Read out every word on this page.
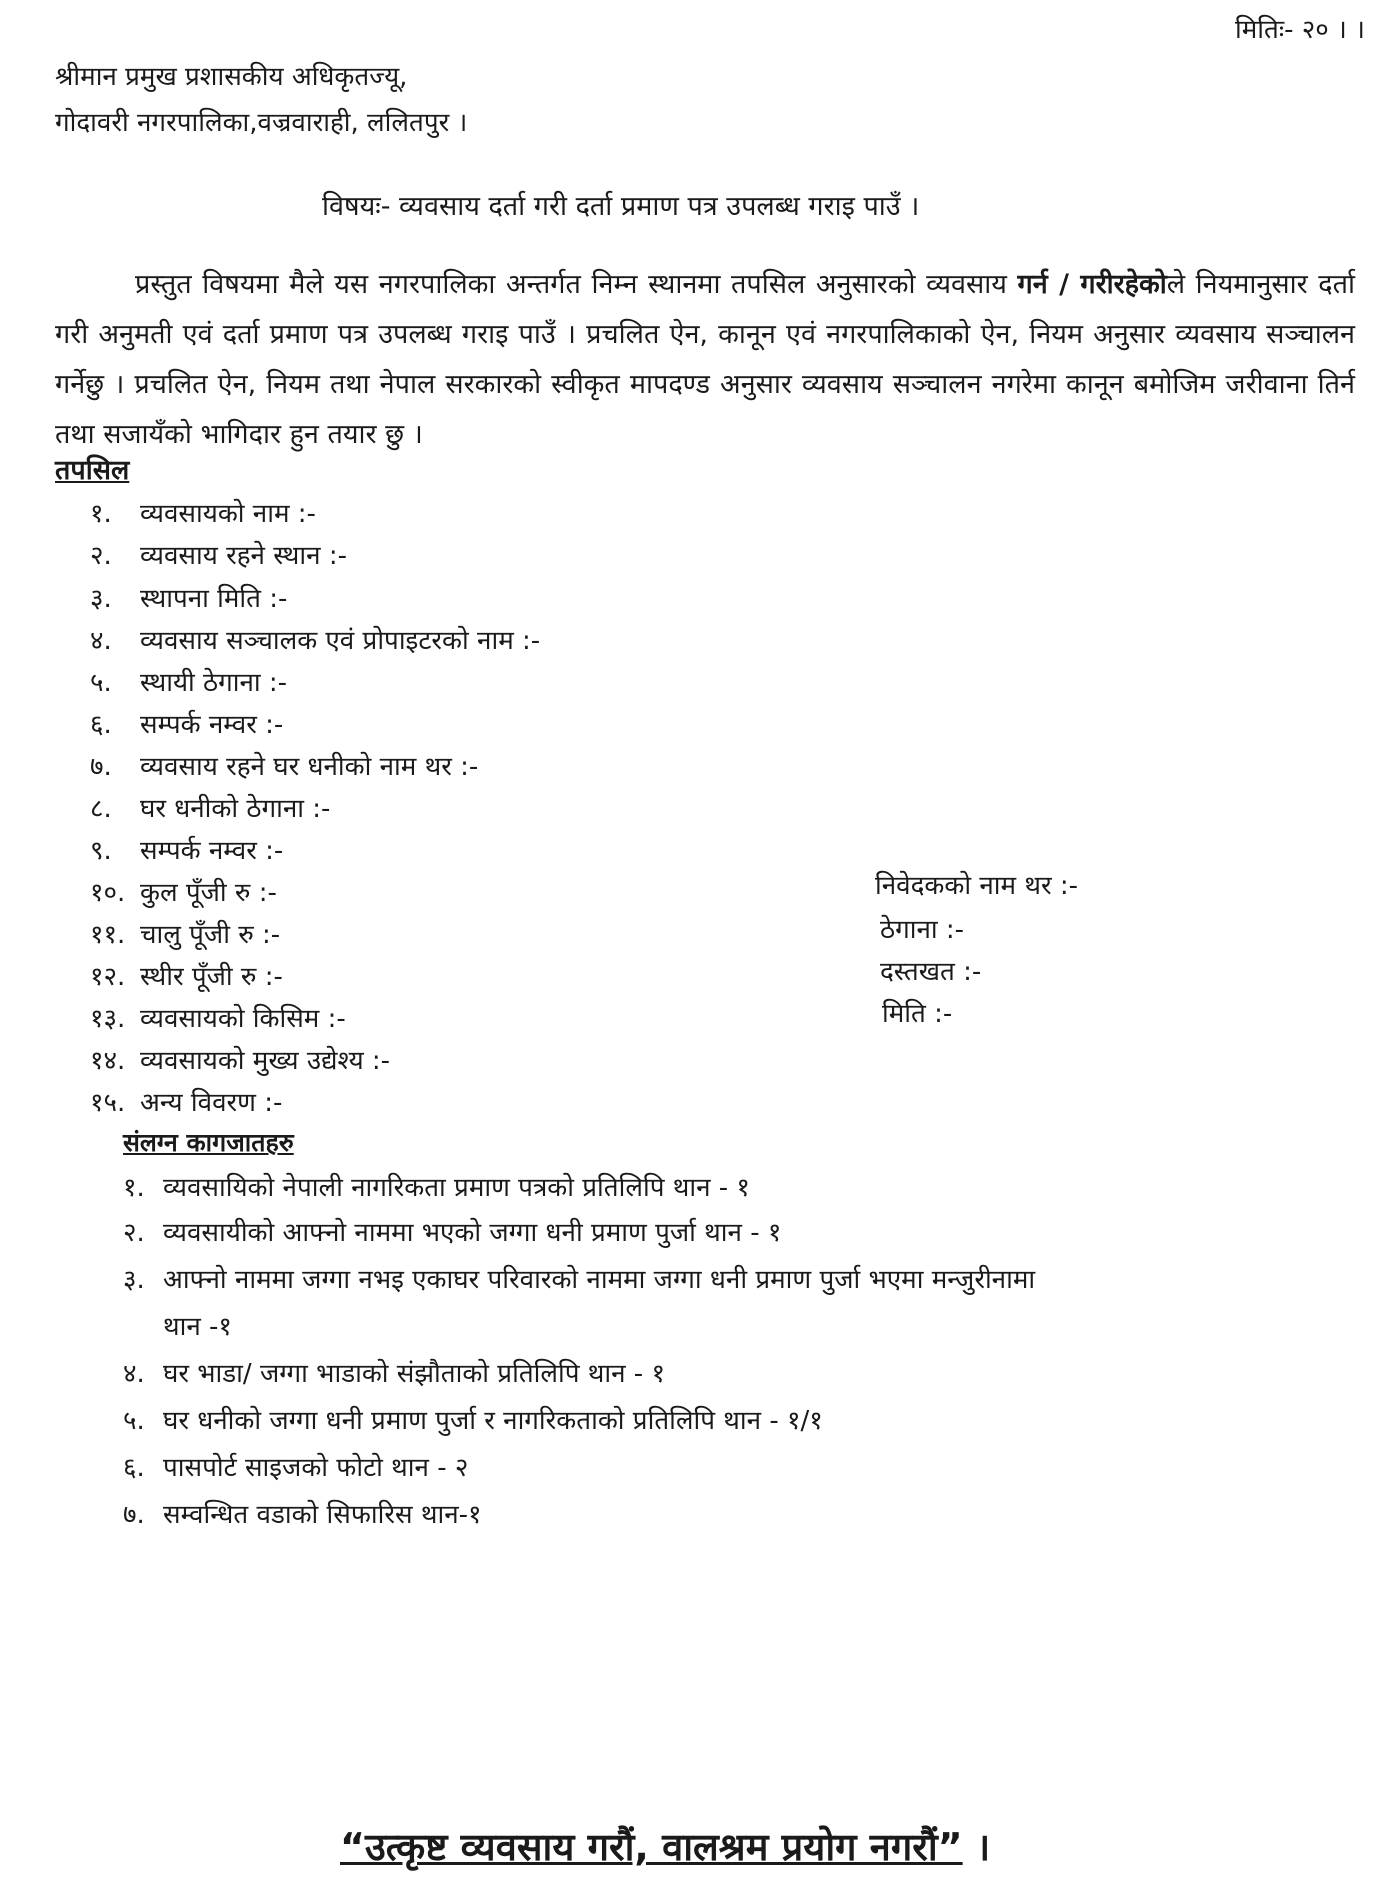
मितिः- २० । ।
श्रीमान प्रमुख प्रशासकीय अधिकृतज्यू,
गोदावरी नगरपालिका,वज्रवाराही, ललितपुर ।
विषयः- व्यवसाय दर्ता गरी दर्ता प्रमाण पत्र उपलब्ध गराइ पाउँ ।
प्रस्तुत विषयमा मैले यस नगरपालिका अन्तर्गत निम्न स्थानमा तपसिल अनुसारको व्यवसाय गर्न / गरीरहेकोले नियमानुसार दर्ता गरी अनुमती एवं दर्ता प्रमाण पत्र उपलब्ध गराइ पाउँ । प्रचलित ऐन, कानून एवं नगरपालिकाको ऐन, नियम अनुसार व्यवसाय सञ्चालन गर्नेछु । प्रचलित ऐन, नियम तथा नेपाल सरकारको स्वीकृत मापदण्ड अनुसार व्यवसाय सञ्चालन नगरेमा कानून बमोजिम जरीवाना तिर्न तथा सजायँको भागिदार हुन तयार छु ।
तपसिल
१. व्यवसायको नाम :-
२. व्यवसाय रहने स्थान :-
३. स्थापना मिति :-
४. व्यवसाय सञ्चालक एवं प्रोपाइटरको नाम :-
५. स्थायी ठेगाना :-
६. सम्पर्क नम्वर :-
७. व्यवसाय रहने घर धनीको नाम थर :-
८. घर धनीको ठेगाना :-
९. सम्पर्क नम्वर :-
१०. कुल पूँजी रु :-
११. चालु पूँजी रु :-
१२. स्थीर पूँजी रु :-
१३. व्यवसायको किसिम :-
१४. व्यवसायको मुख्य उद्येश्य :-
१५. अन्य विवरण :-
निवेदकको नाम थर :-
ठेगाना :-
दस्तखत :-
मिति :-
संलग्न कागजातहरु
१. व्यवसायिको नेपाली नागरिकता प्रमाण पत्रको प्रतिलिपि थान - १
२. व्यवसायीको आफ्नो नाममा भएको जग्गा धनी प्रमाण पुर्जा थान - १
३. आफ्नो नाममा जग्गा नभइ एकाघर परिवारको नाममा जग्गा धनी प्रमाण पुर्जा भएमा मन्जुरीनामा
थान -१
४. घर भाडा/ जग्गा भाडाको संझौताको प्रतिलिपि थान - १
५. घर धनीको जग्गा धनी प्रमाण पुर्जा र नागरिकताको प्रतिलिपि थान - १/१
६. पासपोर्ट साइजको फोटो थान - २
७. सम्वन्धित वडाको सिफारिस थान-१
“उत्कृष्ट व्यवसाय गरौं, वालश्रम प्रयोग नगरौं” ।
